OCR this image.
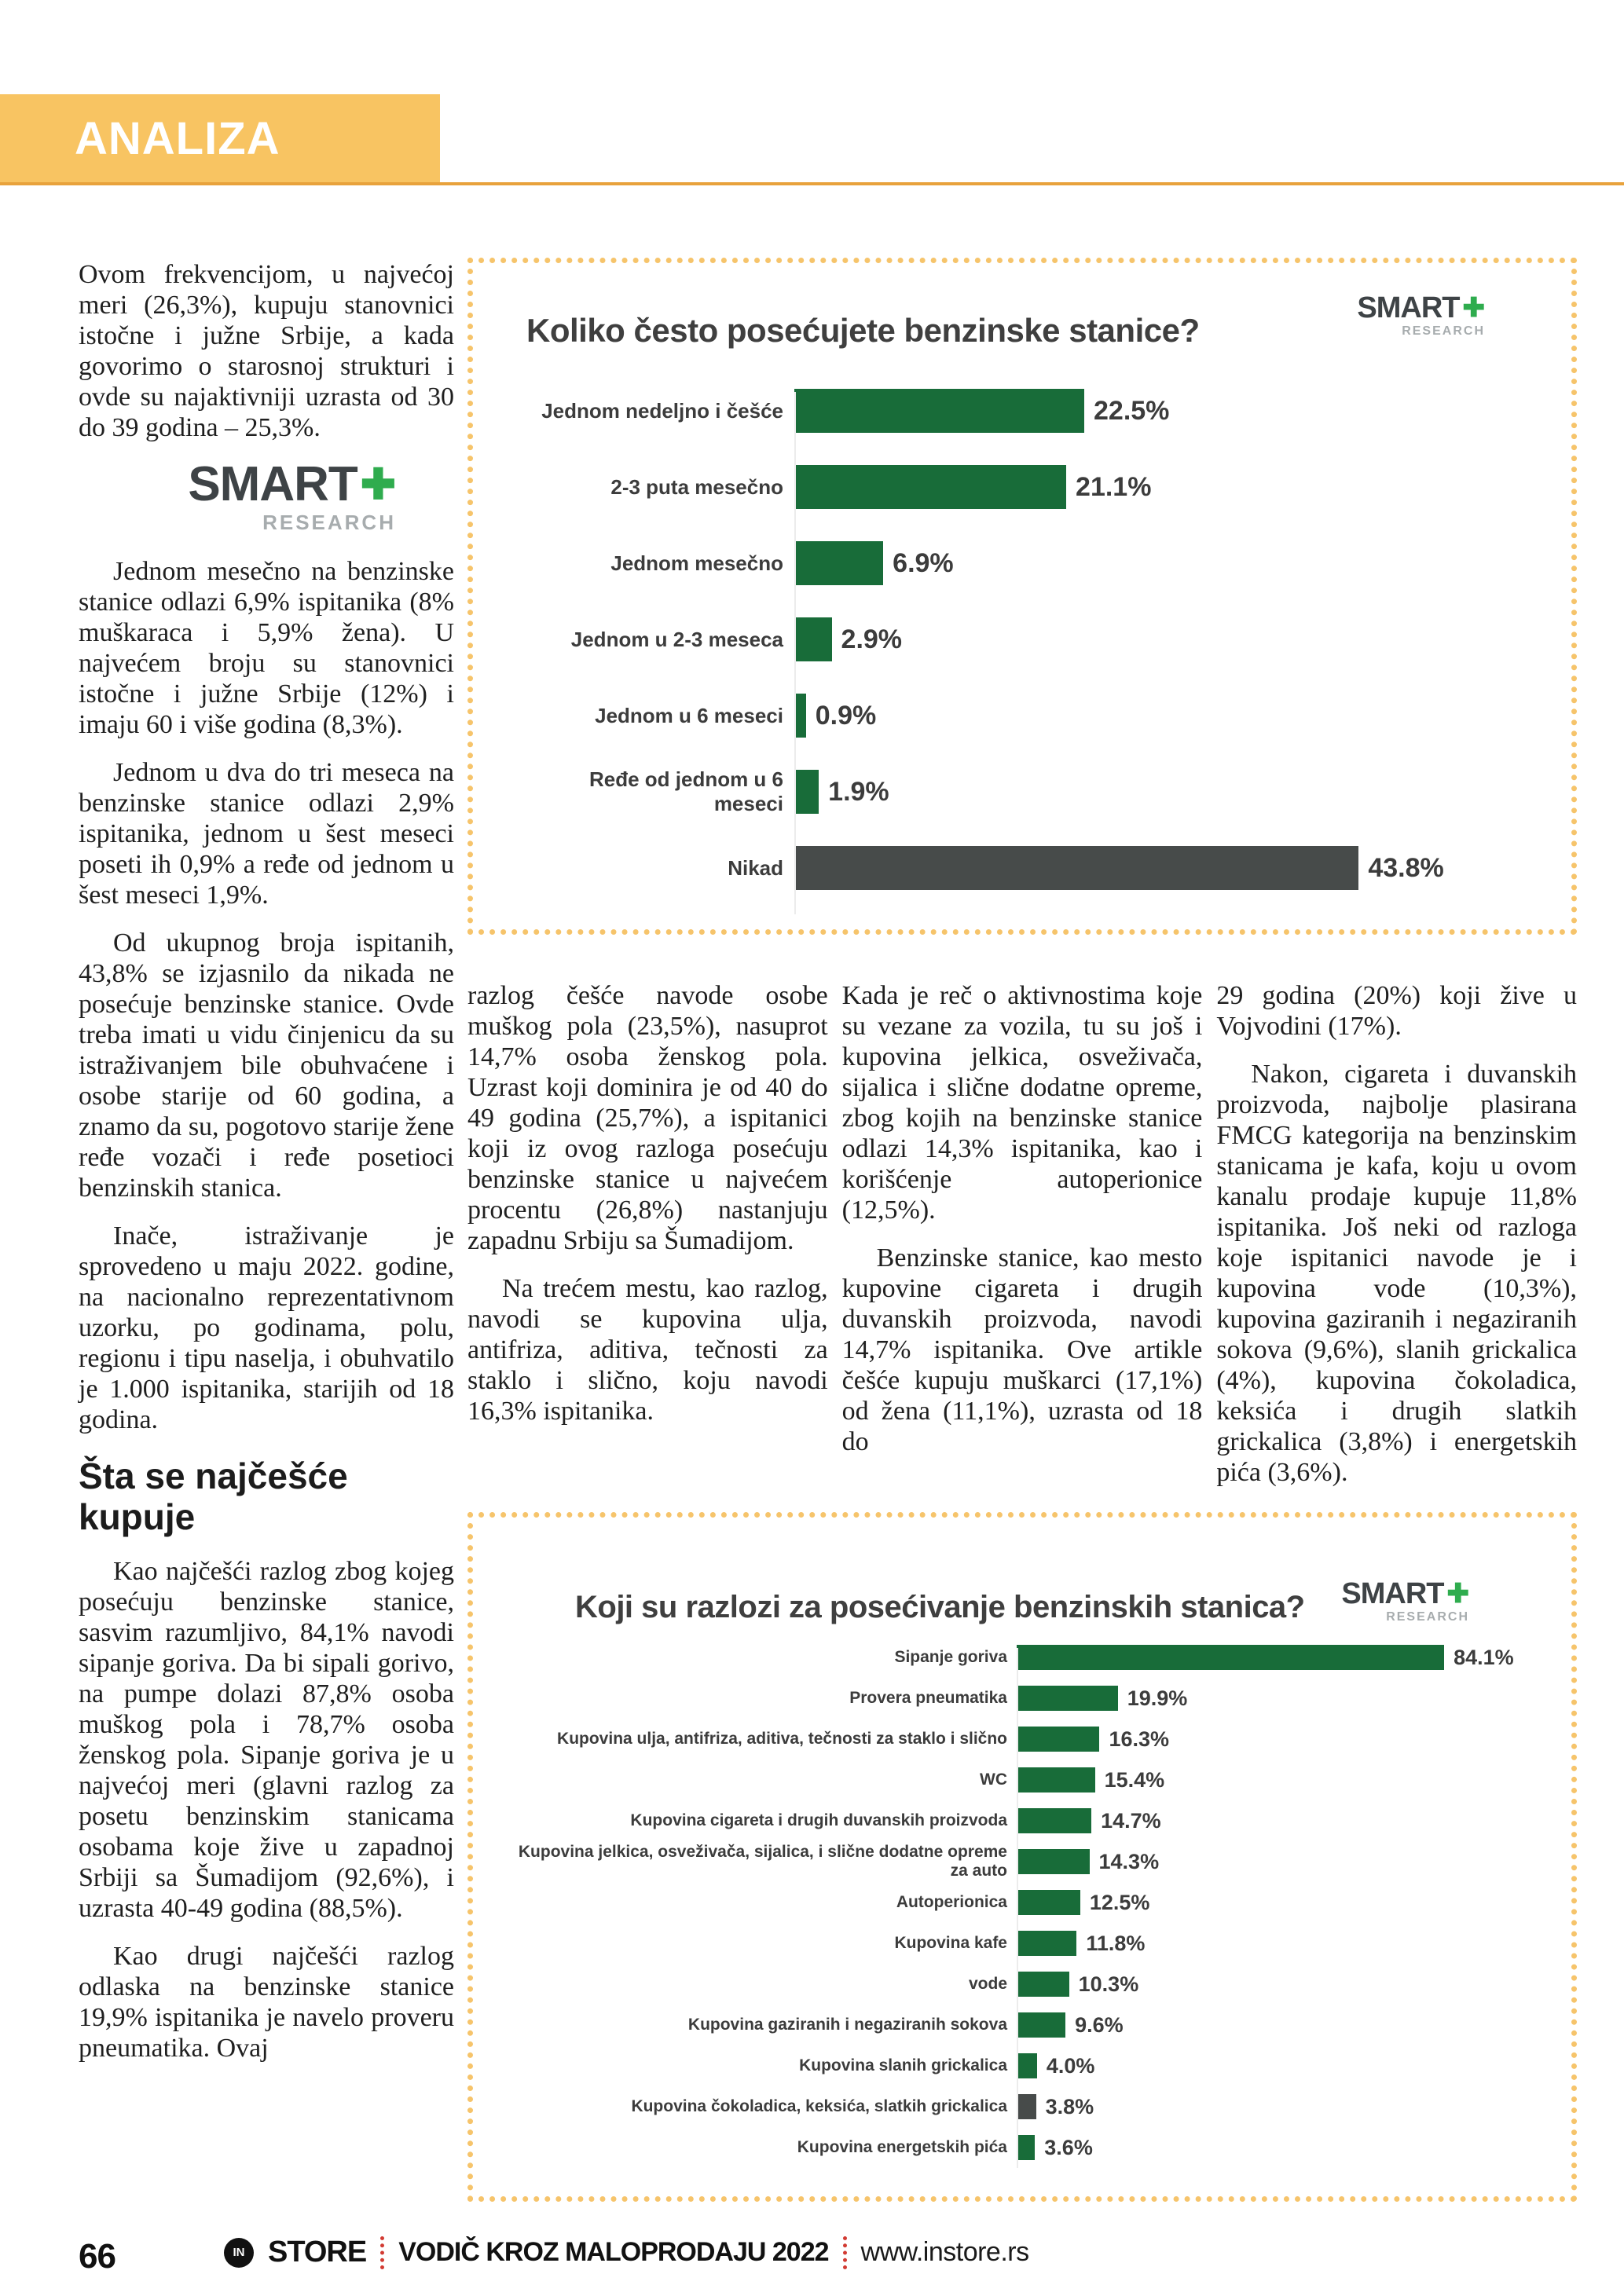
ANALIZA

Ovom frekvencijom, u najvećoj meri (26,3%), kupuju stanovnici istočne i južne Srbije, a kada govorimo o starosnoj strukturi i ovde su najaktivniji uzrasta od 30 do 39 godina – 25,3%.

SMART ✚
RESEARCH

Jednom mesečno na benzinske stanice odlazi 6,9% ispitanika (8% muškaraca i 5,9% žena). U najvećem broju su stanovnici istočne i južne Srbije (12%) i imaju 60 i više godina (8,3%).

Jednom u dva do tri meseca na benzinske stanice odlazi 2,9% ispitanika, jednom u šest meseci poseti ih 0,9% a ređe od jednom u šest meseci 1,9%.

Od ukupnog broja ispitanih, 43,8% se izjasnilo da nikada ne posećuje benzinske stanice. Ovde treba imati u vidu činjenicu da su istraživanjem bile obuhvaćene i osobe starije od 60 godina, a znamo da su, pogotovo starije žene ređe vozači i ređe posetioci benzinskih stanica.

Inače, istraživanje je sprovedeno u maju 2022. godine, na nacionalno reprezentativnom uzorku, po godinama, polu, regionu i tipu naselja, i obuhvatilo je 1.000 ispitanika, starijih od 18 godina.

Šta se najčešće kupuje

Kao najčešći razlog zbog kojeg posećuju benzinske stanice, sasvim razumljivo, 84,1% navodi sipanje goriva. Da bi sipali gorivo, na pumpe dolazi 87,8% osoba muškog pola i 78,7% osoba ženskog pola. Sipanje goriva je u najvećoj meri (glavni razlog za posetu benzinskim stanicama osobama koje žive u zapadnoj Srbiji sa Šumadijom (92,6%), i uzrasta 40-49 godina (88,5%).

Kao drugi najčešći razlog odlaska na benzinske stanice 19,9% ispitanika je navelo proveru pneumatika. Ovaj

Koliko često posećujete benzinske stanice?
SMART ✚
RESEARCH
Jednom nedeljno i češće	22.5%
2-3 puta mesečno	21.1%
Jednom mesečno	6.9%
Jednom u 2-3 meseca 2.9%
Jednom u 6 meseci 0.9%
Ređe od jednom u 6 meseci 1.9%
Nikad	43.8%

razlog češće navode osobe muškog pola (23,5%), nasuprot 14,7% osoba ženskog pola. Uzrast koji dominira je od 40 do 49 godina (25,7%), a ispitanici koji iz ovog razloga posećuju benzinske stanice u najvećem procentu (26,8%) nastanjuju zapadnu Srbiju sa Šumadijom.

Na trećem mestu, kao razlog, navodi se kupovina ulja, antifriza, aditiva, tečnosti za staklo i slično, koju navodi 16,3% ispitanika.

Kada je reč o aktivnostima koje su vezane za vozila, tu su još i kupovina jelkica, osveživača, sijalica i slične dodatne opreme, zbog kojih na benzinske stanice odlazi 14,3% ispitanika, kao i korišćenje autoperionice (12,5%).

Benzinske stanice, kao mesto kupovine cigareta i drugih duvanskih proizvoda, navodi 14,7% ispitanika. Ove artikle češće kupuju muškarci (17,1%) od žena (11,1%), uzrasta od 18 do

29 godina (20%) koji žive u Vojvodini (17%).

Nakon, cigareta i duvanskih proizvoda, najbolje plasirana FMCG kategorija na benzinskim stanicama je kafa, koju u ovom kanalu prodaje kupuje 11,8% ispitanika. Još neki od razloga koje ispitanici navode je i kupovina vode (10,3%), kupovina gaziranih i negaziranih sokova (9,6%), slanih grickalica (4%), kupovina čokoladica, keksića i drugih slatkih grickalica (3,8%) i energetskih pića (3,6%).

Koji su razlozi za posećivanje benzinskih stanica? SMART ✚
RESEARCH
Sipanje goriva	84.1%
Provera pneumatika	19.9%
Kupovina ulja, antifriza, aditiva, tečnosti za staklo i slično	16.3%
WC	15.4%
Kupovina cigareta i drugih duvanskih proizvoda	14.7%
Kupovina jelkica, osveživača, sijalica, i slične dodatne opreme za auto	14.3%
Autoperionica	12.5%
Kupovina kafe	11.8%
vode	10.3%
Kupovina gaziranih i negaziranih sokova	9.6%
Kupovina slanih grickalica 4.0%
Kupovina čokoladica, keksića, slatkih grickalica 3.8%
Kupovina energetskih pića 3.6%
66	IN STORE VODIČ KROZ MALOPRODAJU 2022 www.instore.rs
